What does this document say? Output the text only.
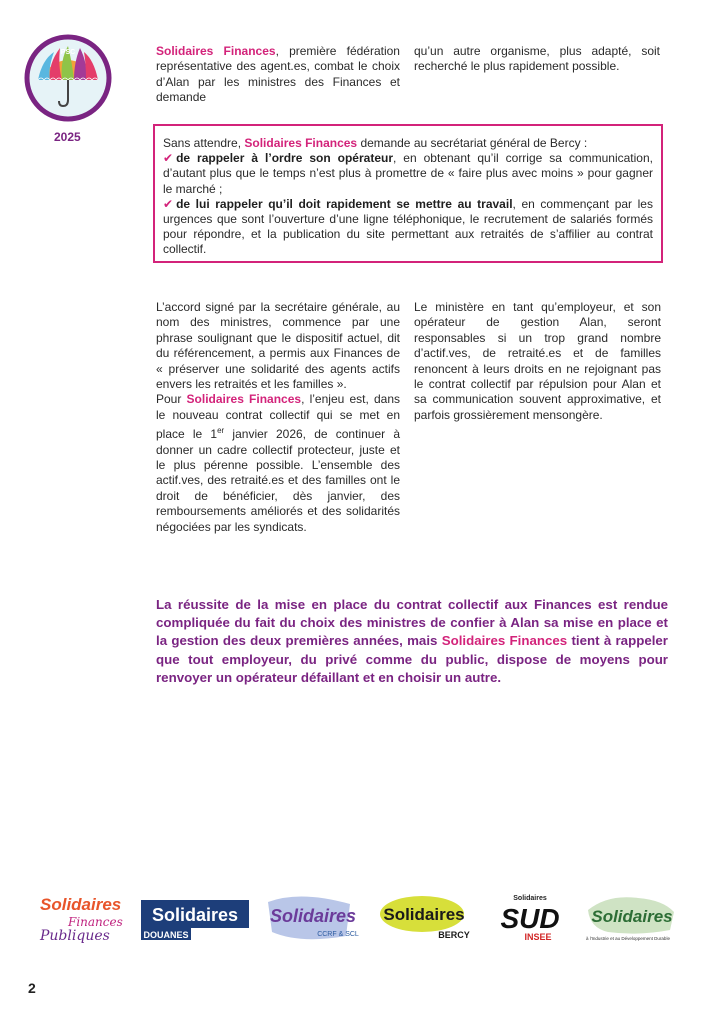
PSC
2025

Solidaires Finances, première fédération représentative des agent.es, combat le choix d’Alan par les ministres des Finances et demande

qu’un autre organisme, plus adapté, soit recherché le plus rapidement possible.

Sans attendre, Solidaires Finances demande au secrétariat général de Bercy :

✔ de rappeler à l’ordre son opérateur, en obtenant qu’il corrige sa communication, d’autant plus que le temps n’est plus à promettre de « faire plus avec moins » pour gagner le marché ;

✔ de lui rappeler qu’il doit rapidement se mettre au travail, en commençant par les urgences que sont l’ouverture d’une ligne téléphonique, le recrutement de salariés formés pour répondre, et la publication du site permettant aux retraités de s’affilier au contrat collectif.

L’accord signé par la secrétaire générale, au nom des ministres, commence par une phrase soulignant que le dispositif actuel, dit du référencement, a permis aux Finances de « préserver une solidarité des agents actifs envers les retraités et les familles ».

Pour Solidaires Finances, l’enjeu est, dans le nouveau contrat collectif qui se met en place le 1er janvier 2026, de continuer à donner un cadre collectif protecteur, juste et le plus pérenne possible. L’ensemble des actif.ves, des retraité.es et des familles ont le droit de bénéficier, dès janvier, des remboursements améliorés et des solidarités négociées par les syndicats.

Le ministère en tant qu’employeur, et son opérateur de gestion Alan, seront responsables si un trop grand nombre d’actif.ves, de retraité.es et de familles renoncent à leurs droits en ne rejoignant pas le contrat collectif par répulsion pour Alan et sa communication souvent approximative, et parfois grossièrement mensongère.

La réussite de la mise en place du contrat collectif aux Finances est rendue compliquée du fait du choix des ministres de confier à Alan sa mise en place et la gestion des deux premières années, mais Solidaires Finances tient à rappeler que tout employeur, du privé comme du public, dispose de moyens pour renvoyer un opérateur défaillant et en choisir un autre.
Solidaires
Finances
Publiques
Solidaires
DOUANES
Solidaires
CCRF & SCL
Solidaires
BERCY
Solidaires
SUD
INSEE
Solidaires
à l'Industrie et au Développement Durable
2
